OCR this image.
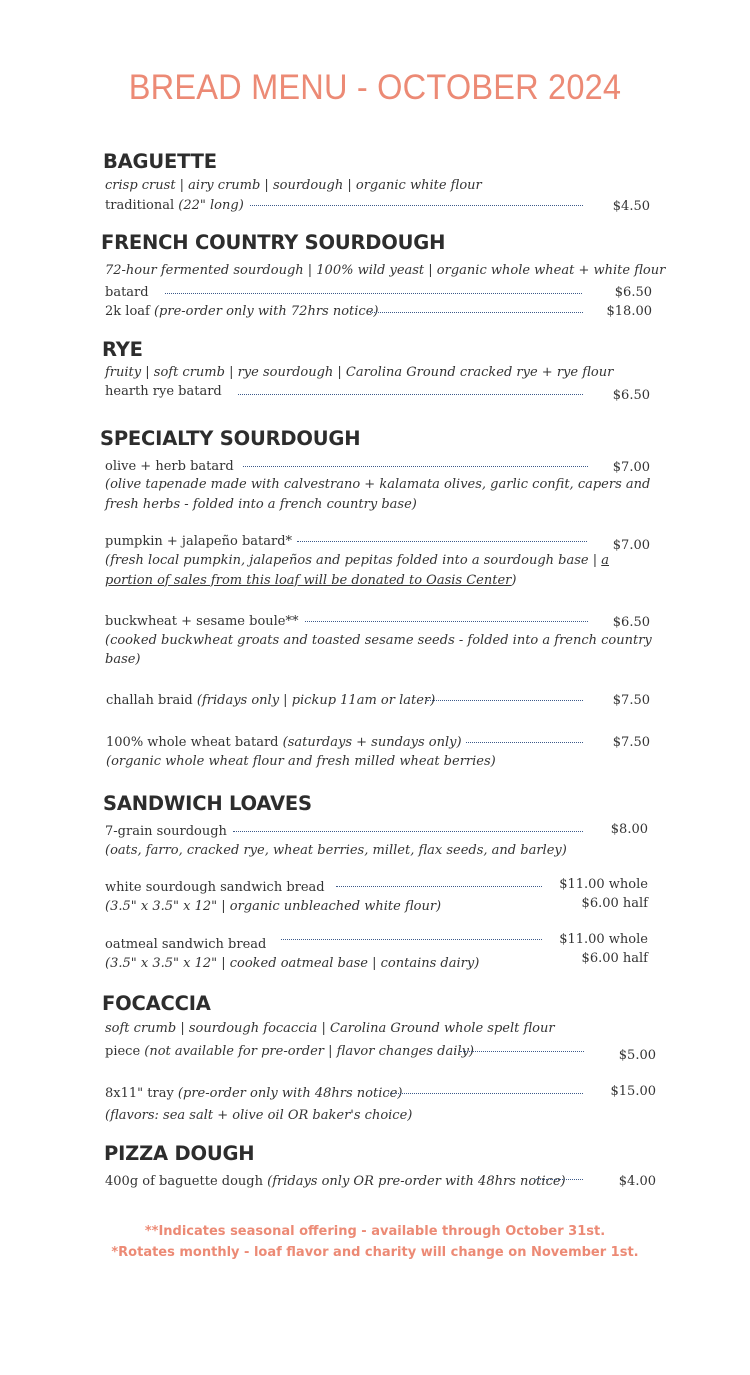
BREAD MENU - OCTOBER 2024
BAGUETTE
crisp crust | airy crumb | sourdough | organic white flour
traditional (22" long)	$4.50
FRENCH COUNTRY SOURDOUGH
72-hour fermented sourdough | 100% wild yeast | organic whole wheat + white flour
batard	$6.50
2k loaf (pre-order only with 72hrs notice)	$18.00
RYE
fruity | soft crumb | rye sourdough | Carolina Ground cracked rye + rye flour
hearth rye batard	$6.50
SPECIALTY SOURDOUGH
olive + herb batard	$7.00
(olive tapenade made with calvestrano + kalamata olives, garlic confit, capers and
fresh herbs - folded into a french country base)
pumpkin + jalapeño batard*	$7.00
(fresh local pumpkin, jalapeños and pepitas folded into a sourdough base | a
portion of sales from this loaf will be donated to Oasis Center)
buckwheat + sesame boule**	$6.50
(cooked buckwheat groats and toasted sesame seeds - folded into a french country
base)
challah braid (fridays only | pickup 11am or later)	$7.50
100% whole wheat batard (saturdays + sundays only)	$7.50
(organic whole wheat flour and fresh milled wheat berries)
SANDWICH LOAVES
7-grain sourdough	$8.00
(oats, farro, cracked rye, wheat berries, millet, flax seeds, and barley)
white sourdough sandwich bread	$11.00 whole
$6.00 half
(3.5" x 3.5" x 12" | organic unbleached white flour)
oatmeal sandwich bread	$11.00 whole
$6.00 half
(3.5" x 3.5" x 12" | cooked oatmeal base | contains dairy)
FOCACCIA
soft crumb | sourdough focaccia | Carolina Ground whole spelt flour
piece (not available for pre-order | flavor changes daily)	$5.00
8x11" tray (pre-order only with 48hrs notice)	$15.00
(flavors: sea salt + olive oil OR baker's choice)
PIZZA DOUGH
400g of baguette dough (fridays only OR pre-order with 48hrs notice)	$4.00
**Indicates seasonal offering - available through October 31st.
*Rotates monthly - loaf flavor and charity will change on November 1st.
